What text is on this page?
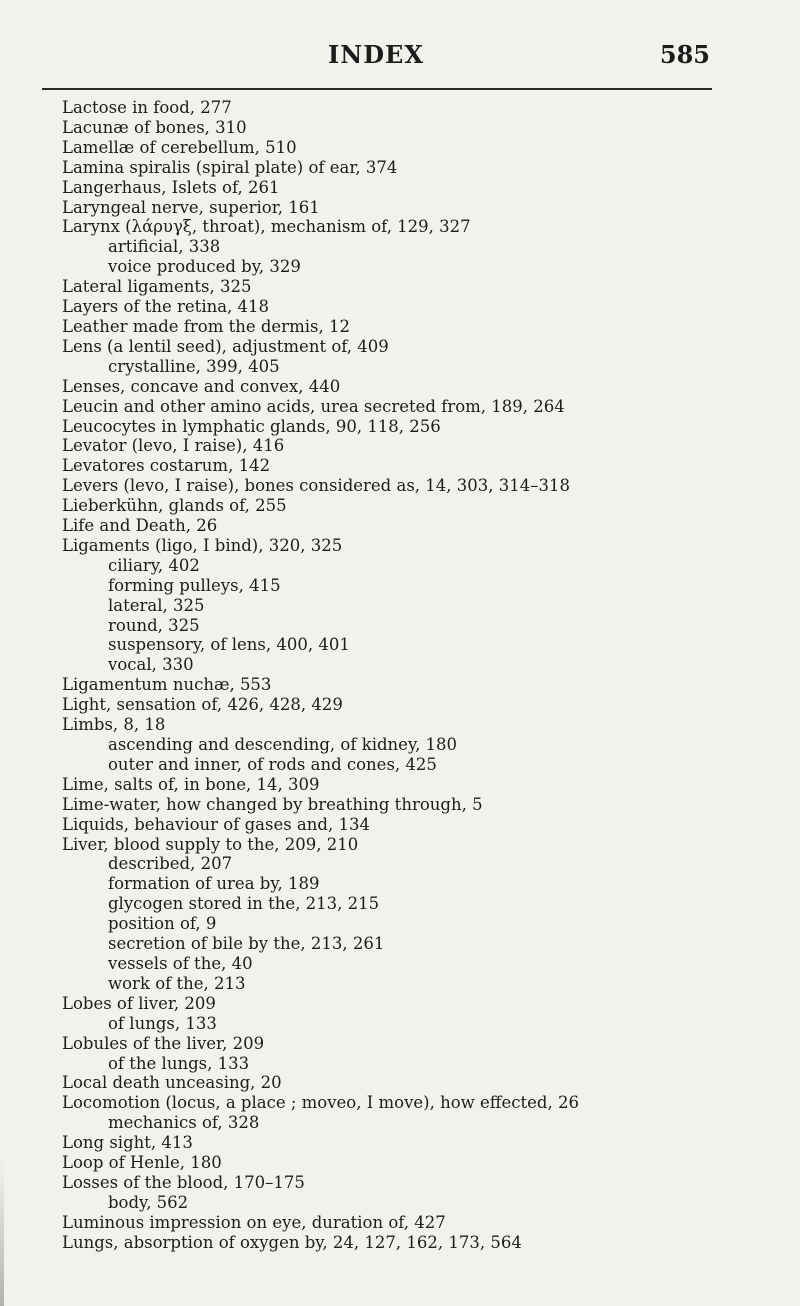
INDEX	585
Lactose in food, 277
Lacunæ of bones, 310
Lamellæ of cerebellum, 510
Lamina spiralis (spiral plate) of ear, 374
Langerhaus, Islets of, 261
Laryngeal nerve, superior, 161
Larynx (λάρυγξ, throat), mechanism of, 129, 327
artificial, 338
voice produced by, 329
Lateral ligaments, 325
Layers of the retina, 418
Leather made from the dermis, 12
Lens (a lentil seed), adjustment of, 409
crystalline, 399, 405
Lenses, concave and convex, 440
Leucin and other amino acids, urea secreted from, 189, 264
Leucocytes in lymphatic glands, 90, 118, 256
Levator (levo, I raise), 416
Levatores costarum, 142
Levers (levo, I raise), bones considered as, 14, 303, 314–318
Lieberkühn, glands of, 255
Life and Death, 26
Ligaments (ligo, I bind), 320, 325
ciliary, 402
forming pulleys, 415
lateral, 325
round, 325
suspensory, of lens, 400, 401
vocal, 330
Ligamentum nuchæ, 553
Light, sensation of, 426, 428, 429
Limbs, 8, 18
ascending and descending, of kidney, 180
outer and inner, of rods and cones, 425
Lime, salts of, in bone, 14, 309
Lime-water, how changed by breathing through, 5
Liquids, behaviour of gases and, 134
Liver, blood supply to the, 209, 210
described, 207
formation of urea by, 189
glycogen stored in the, 213, 215
position of, 9
secretion of bile by the, 213, 261
vessels of the, 40
work of the, 213
Lobes of liver, 209
of lungs, 133
Lobules of the liver, 209
of the lungs, 133
Local death unceasing, 20
Locomotion (locus, a place ; moveo, I move), how effected, 26
mechanics of, 328
Long sight, 413
Loop of Henle, 180
Losses of the blood, 170–175
body, 562
Luminous impression on eye, duration of, 427
Lungs, absorption of oxygen by, 24, 127, 162, 173, 564
